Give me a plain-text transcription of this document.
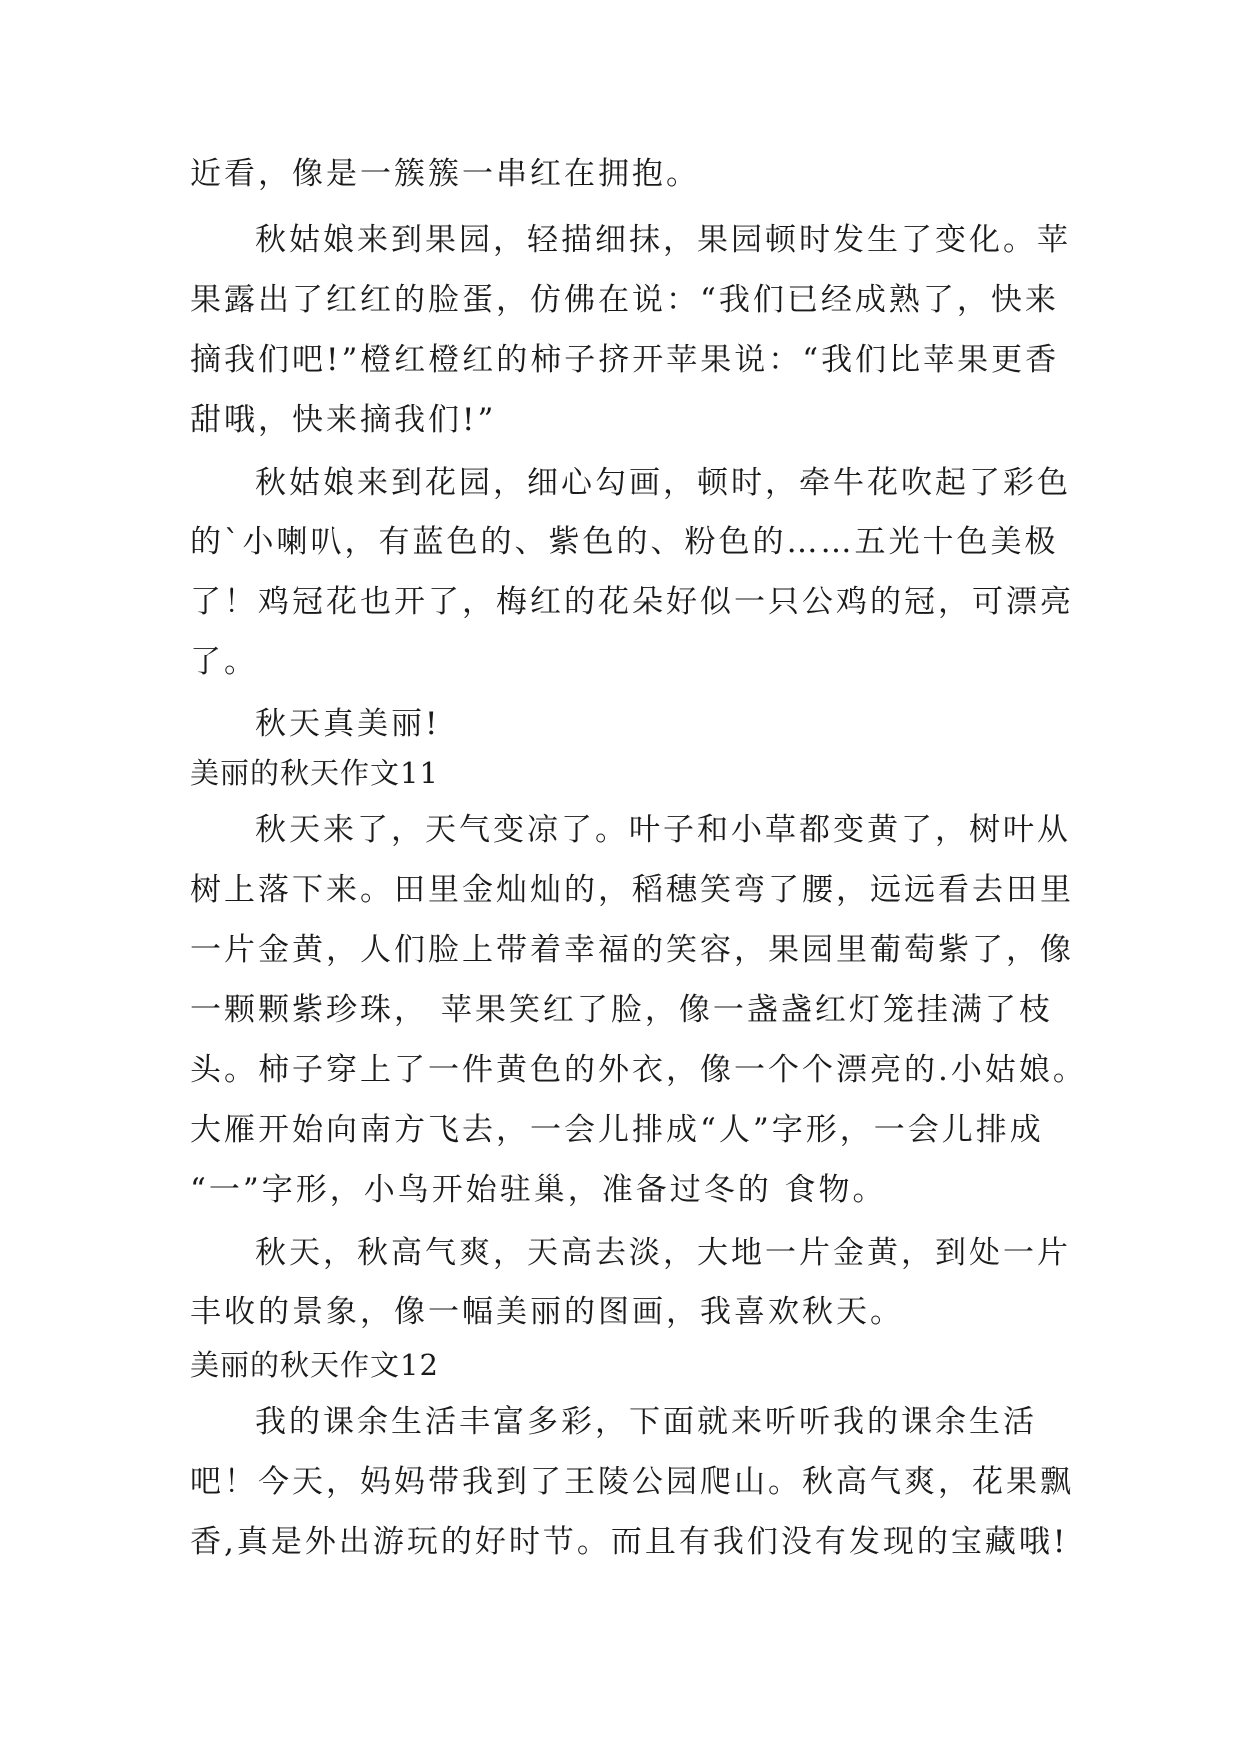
近看，像是一簇簇一串红在拥抱。
秋姑娘来到果园，轻描细抹，果园顿时发生了变化。苹
果露出了红红的脸蛋，仿佛在说：“我们已经成熟了，快来
摘我们吧!”橙红橙红的柿子挤开苹果说：“我们比苹果更香
甜哦，快来摘我们!”
秋姑娘来到花园，细心勾画，顿时，牵牛花吹起了彩色
的`小喇叭，有蓝色的、紫色的、粉色的……五光十色美极
了！鸡冠花也开了，梅红的花朵好似一只公鸡的冠，可漂亮
了。
秋天真美丽!
美丽的秋天作文11
秋天来了，天气变凉了。叶子和小草都变黄了，树叶从
树上落下来。田里金灿灿的，稻穗笑弯了腰，远远看去田里
一片金黄，人们脸上带着幸福的笑容，果园里葡萄紫了，像
一颗颗紫珍珠， 苹果笑红了脸，像一盏盏红灯笼挂满了枝
头。柿子穿上了一件黄色的外衣，像一个个漂亮的.小姑娘。
大雁开始向南方飞去，一会儿排成“人”字形，一会儿排成
“一”字形，小鸟开始驻巢，准备过冬的 食物。
秋天，秋高气爽，天高去淡，大地一片金黄，到处一片
丰收的景象，像一幅美丽的图画，我喜欢秋天。
美丽的秋天作文12
我的课余生活丰富多彩，下面就来听听我的课余生活
吧！今天，妈妈带我到了王陵公园爬山。秋高气爽，花果飘
香,真是外出游玩的好时节。而且有我们没有发现的宝藏哦!
